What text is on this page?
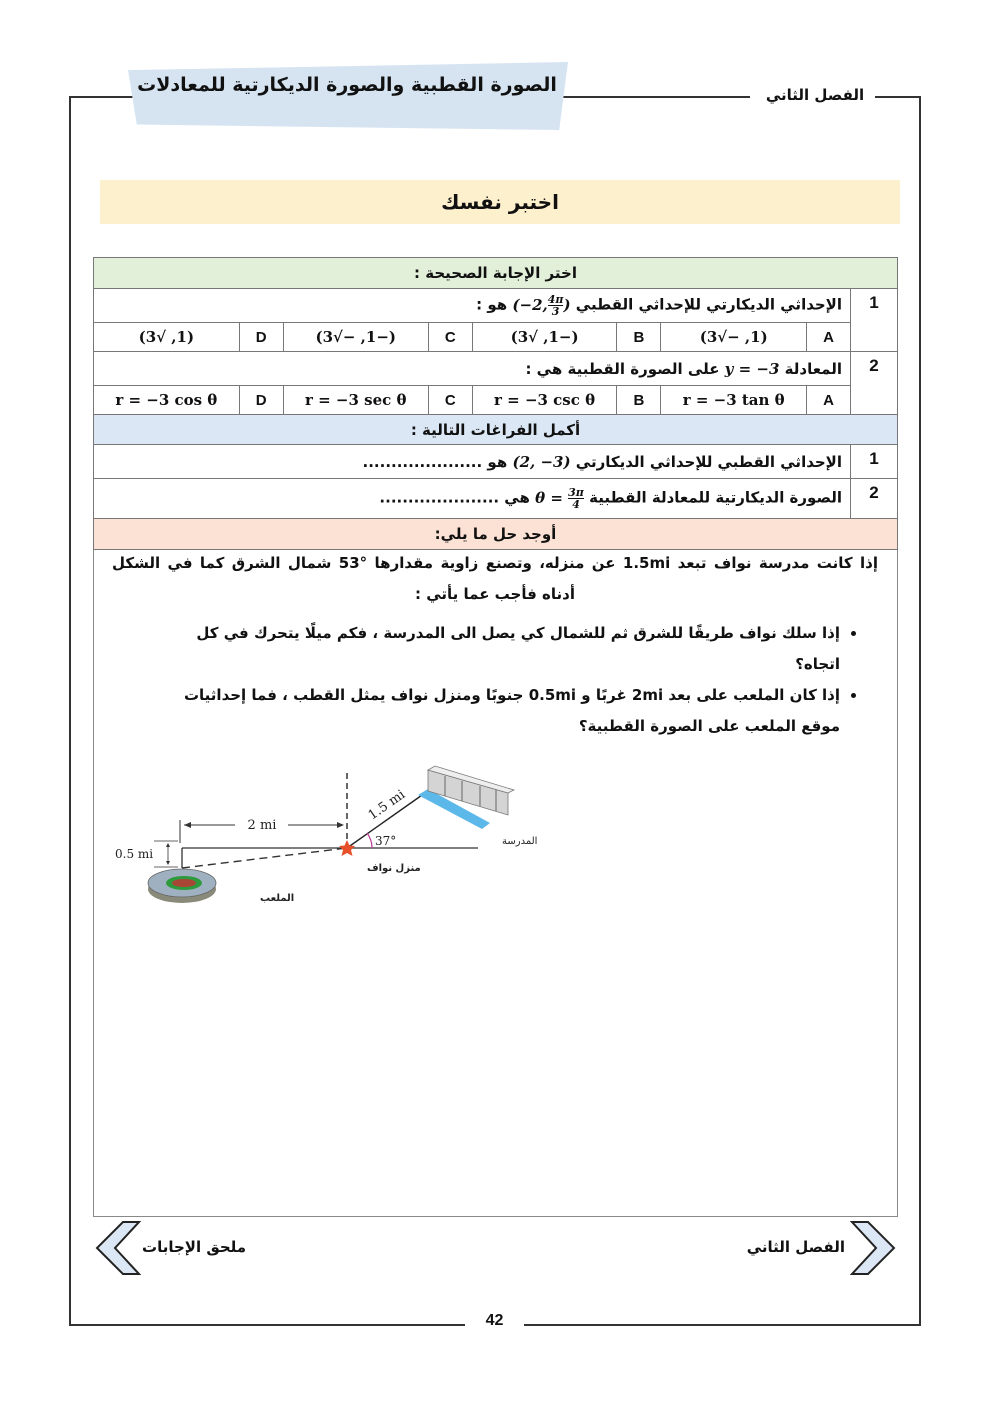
الفصل الثاني
الصورة القطبية والصورة الديكارتية للمعادلات
اختبر نفسك
اختر الإجابة الصحيحة :								
1	الإحداثي الديكارتي للإحداثي القطبي (−2, $\frac{4\pi}{3}$ ) هو :							
	A	(1, −√3)	B	(−1, √3)	C	(−1, −√3)	D	(1, √3)
2	المعادلة y = −3 على الصورة القطبية هي :							
	A	r = −3 tan θ	B	r = −3 csc θ	C	r = −3 sec θ	D	r = −3 cos θ
أكمل الفراغات التالية :								
1	الإحداثي القطبي للإحداثي الديكارتي (2, −3) هو .....................							
2	الصورة الديكارتية للمعادلة القطبية $\theta = \frac{3\pi}{4}$
هي .....................							
أوجد حل ما يلي:								

إذا كانت مدرسة نواف تبعد 1.5mi عن منزله، وتصنع زاوية مقدارها °53 شمال الشرق كما في الشكل أدناه فأجب عما يأتي :

• إذا سلك نواف طريقًا للشرق ثم للشمال كي يصل الى المدرسة ، فكم ميلًا يتحرك في كل اتجاه؟
• إذا كان الملعب على بعد 2mi غربًا و 0.5mi جنوبًا ومنزل نواف يمثل القطب ، فما إحداثيات موقع الملعب على الصورة القطبية؟
2 mi
0.5 mi
1.5 mi
37°	المدرسة
منزل نواف
الملعب
الفصل الثاني
ملحق الإجابات
42
